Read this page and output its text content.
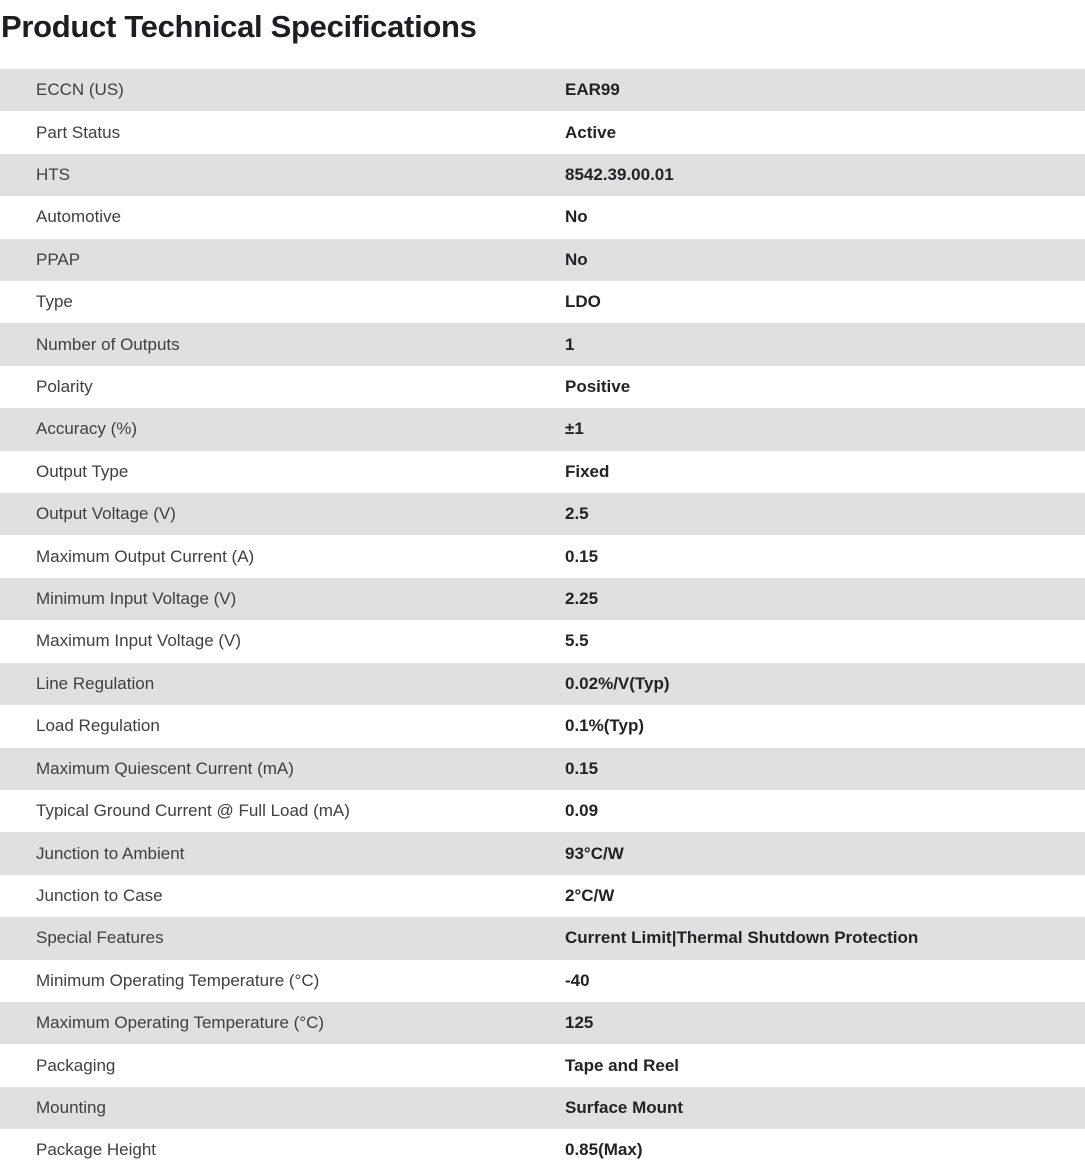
Product Technical Specifications
ECCN (US)	EAR99
Part Status	Active
HTS	8542.39.00.01
Automotive	No
PPAP	No
Type	LDO
Number of Outputs	1
Polarity	Positive
Accuracy (%)	±1
Output Type	Fixed
Output Voltage (V)	2.5
Maximum Output Current (A)	0.15
Minimum Input Voltage (V)	2.25
Maximum Input Voltage (V)	5.5
Line Regulation	0.02%/V(Typ)
Load Regulation	0.1%(Typ)
Maximum Quiescent Current (mA)	0.15
Typical Ground Current @ Full Load (mA)	0.09
Junction to Ambient	93°C/W
Junction to Case	2°C/W
Special Features	Current Limit|Thermal Shutdown Protection
Minimum Operating Temperature (°C)	-40
Maximum Operating Temperature (°C)	125
Packaging	Tape and Reel
Mounting	Surface Mount
Package Height	0.85(Max)
